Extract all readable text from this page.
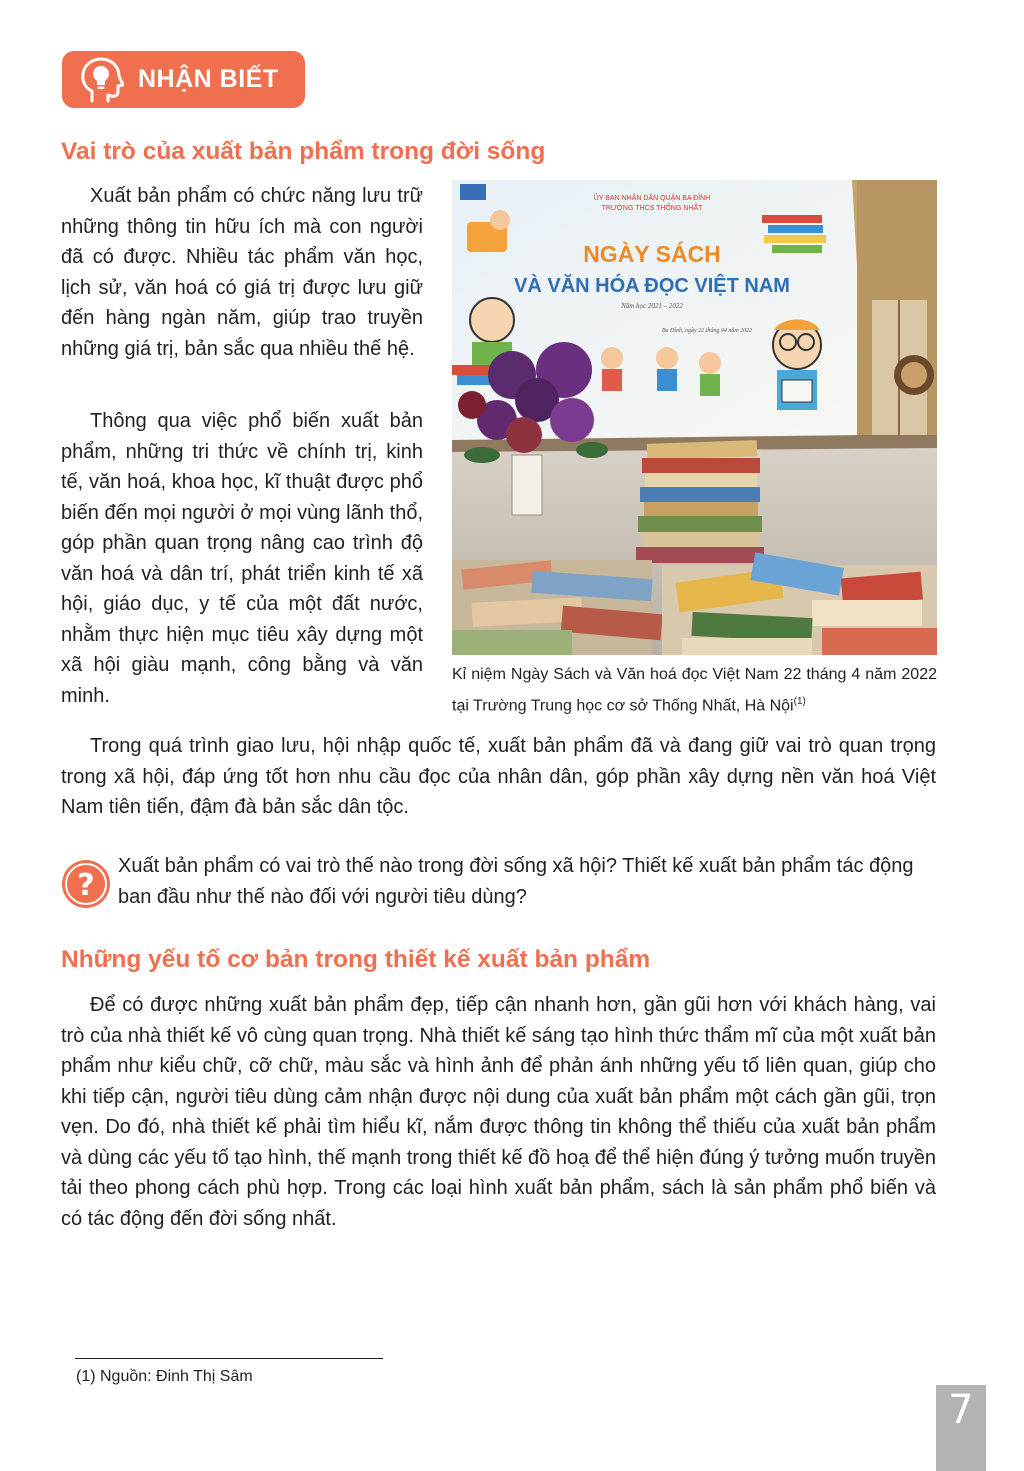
NHẬN BIẾT
Vai trò của xuất bản phẩm trong đời sống

Xuất bản phẩm có chức năng lưu trữ những thông tin hữu ích mà con người đã có được. Nhiều tác phẩm văn học, lịch sử, văn hoá có giá trị được lưu giữ đến hàng ngàn năm, giúp trao truyền những giá trị, bản sắc qua nhiều thế hệ.

Thông qua việc phổ biến xuất bản phẩm, những tri thức về chính trị, kinh tế, văn hoá, khoa học, kĩ thuật được phổ biến đến mọi người ở mọi vùng lãnh thổ, góp phần quan trọng nâng cao trình độ văn hoá và dân trí, phát triển kinh tế xã hội, giáo dục, y tế của một đất nước, nhằm thực hiện mục tiêu xây dựng một xã hội giàu mạnh, công bằng và văn minh.

ỦY BAN NHÂN DÂN QUẬN BA ĐÌNH
TRƯỜNG THCS THỐNG NHẤT
NGÀY SÁCH
VÀ VĂN HÓA ĐỌC VIỆT NAM
Năm học 2021 – 2022
Ba Đình, ngày 22 tháng 04 năm 2022

Kỉ niệm Ngày Sách và Văn hoá đọc Việt Nam 22 tháng 4 năm 2022 tại Trường Trung học cơ sở Thống Nhất, Hà Nội$^{(1)}$

Trong quá trình giao lưu, hội nhập quốc tế, xuất bản phẩm đã và đang giữ vai trò quan trọng trong xã hội, đáp ứng tốt hơn nhu cầu đọc của nhân dân, góp phần xây dựng nền văn hoá Việt Nam tiên tiến, đậm đà bản sắc dân tộc.

?

Xuất bản phẩm có vai trò thế nào trong đời sống xã hội? Thiết kế xuất bản phẩm tác động ban đầu như thế nào đối với người tiêu dùng?

Những yếu tố cơ bản trong thiết kế xuất bản phẩm

Để có được những xuất bản phẩm đẹp, tiếp cận nhanh hơn, gần gũi hơn với khách hàng, vai trò của nhà thiết kế vô cùng quan trọng. Nhà thiết kế sáng tạo hình thức thẩm mĩ của một xuất bản phẩm như kiểu chữ, cỡ chữ, màu sắc và hình ảnh để phản ánh những yếu tố liên quan, giúp cho khi tiếp cận, người tiêu dùng cảm nhận được nội dung của xuất bản phẩm một cách gần gũi, trọn vẹn. Do đó, nhà thiết kế phải tìm hiểu kĩ, nắm được thông tin không thể thiếu của xuất bản phẩm và dùng các yếu tố tạo hình, thế mạnh trong thiết kế đồ hoạ để thể hiện đúng ý tưởng muốn truyền tải theo phong cách phù hợp. Trong các loại hình xuất bản phẩm, sách là sản phẩm phổ biến và có tác động đến đời sống nhất.

(1) Nguồn: Đinh Thị Sâm

7
